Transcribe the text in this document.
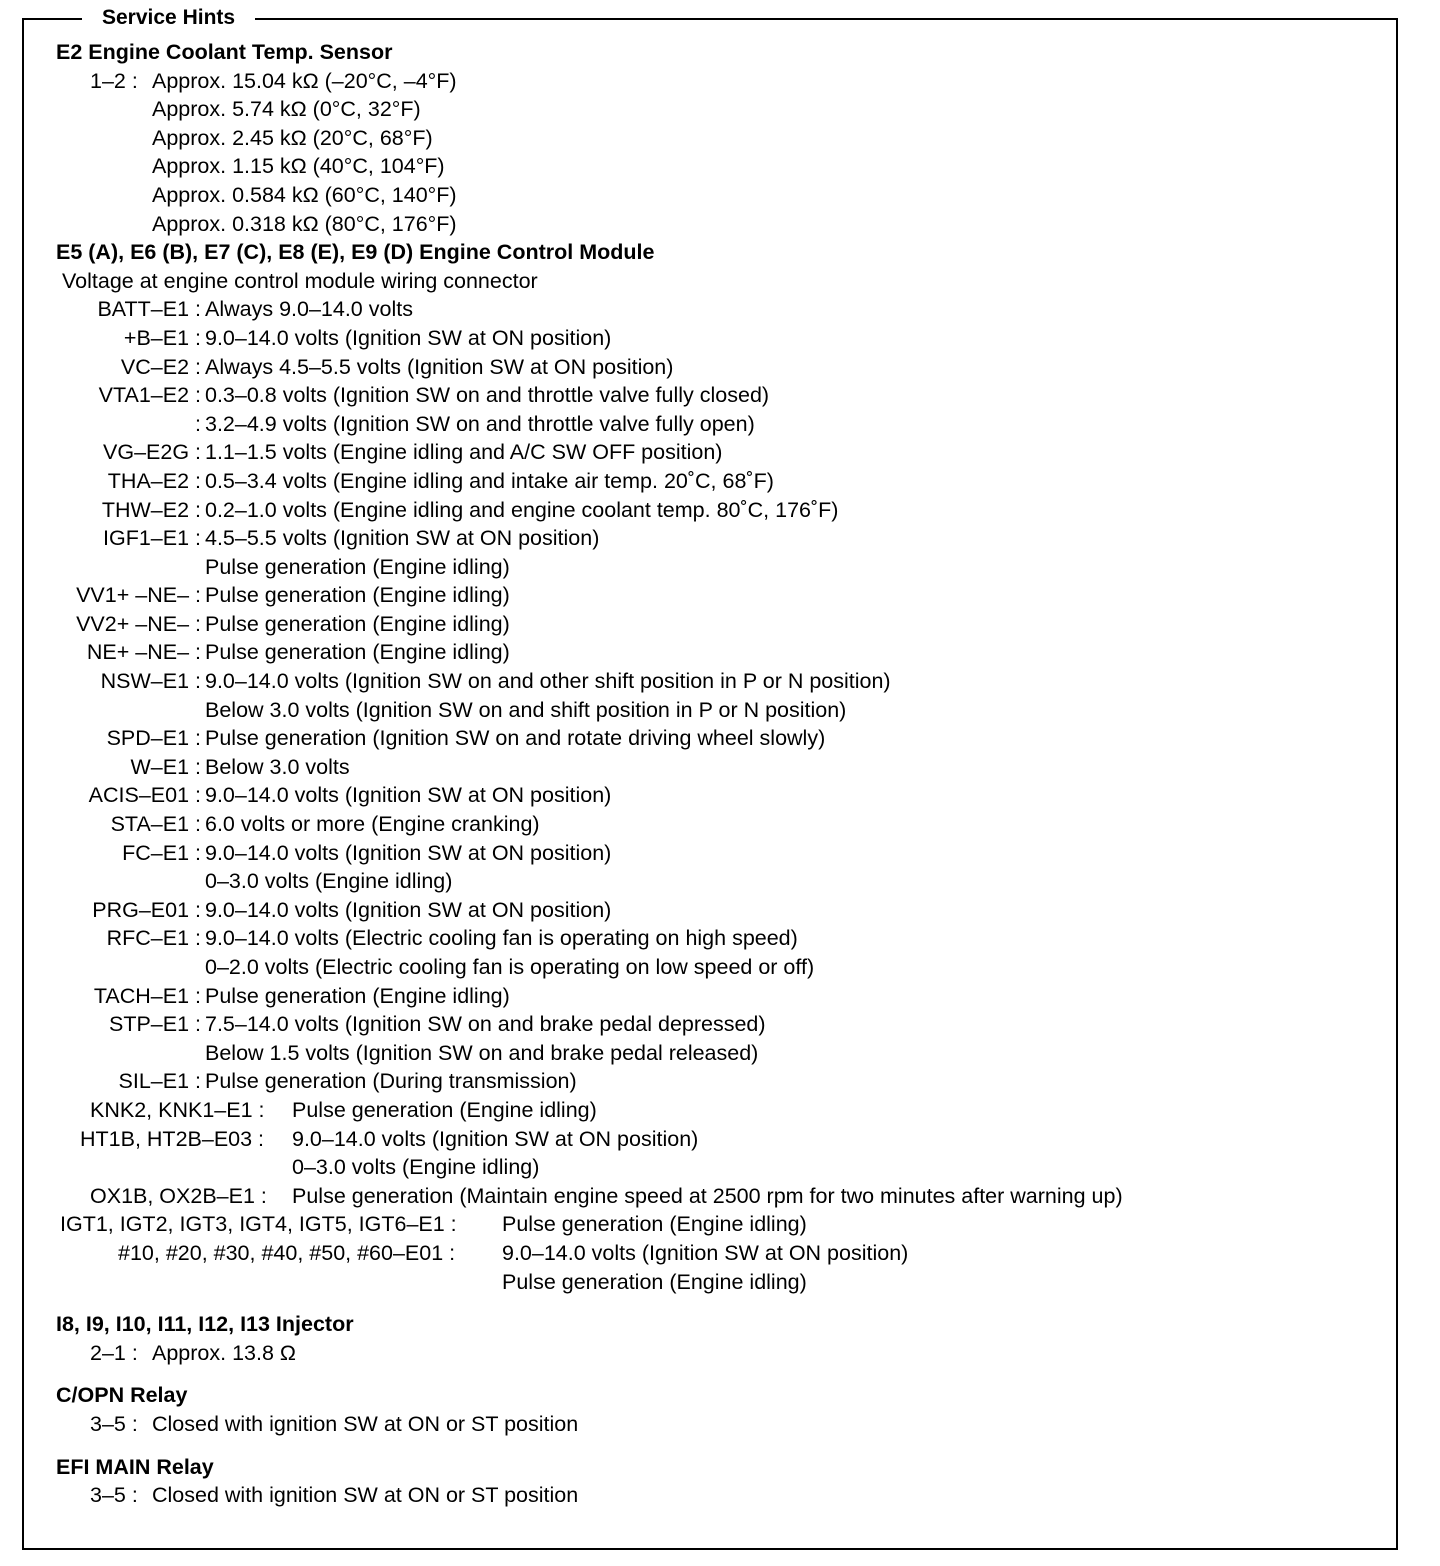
Service Hints
E2 Engine Coolant Temp. Sensor
1–2 : Approx. 15.04 kΩ (–20°C, –4°F)
Approx. 5.74 kΩ (0°C, 32°F)
Approx. 2.45 kΩ (20°C, 68°F)
Approx. 1.15 kΩ (40°C, 104°F)
Approx. 0.584 kΩ (60°C, 140°F)
Approx. 0.318 kΩ (80°C, 176°F)
E5 (A), E6 (B), E7 (C), E8 (E), E9 (D) Engine Control Module
Voltage at engine control module wiring connector
BATT–E1 : Always 9.0–14.0 volts
+B–E1 : 9.0–14.0 volts (Ignition SW at ON position)
VC–E2 : Always 4.5–5.5 volts (Ignition SW at ON position)
VTA1–E2 : 0.3–0.8 volts (Ignition SW on and throttle valve fully closed)
: 3.2–4.9 volts (Ignition SW on and throttle valve fully open)
VG–E2G : 1.1–1.5 volts (Engine idling and A/C SW OFF position)
THA–E2 : 0.5–3.4 volts (Engine idling and intake air temp. 20˚C, 68˚F)
THW–E2 : 0.2–1.0 volts (Engine idling and engine coolant temp. 80˚C, 176˚F)
IGF1–E1 : 4.5–5.5 volts (Ignition SW at ON position)
Pulse generation (Engine idling)
VV1+ –NE– : Pulse generation (Engine idling)
VV2+ –NE– : Pulse generation (Engine idling)
NE+ –NE– : Pulse generation (Engine idling)
NSW–E1 : 9.0–14.0 volts (Ignition SW on and other shift position in P or N position)
Below 3.0 volts (Ignition SW on and shift position in P or N position)
SPD–E1 : Pulse generation (Ignition SW on and rotate driving wheel slowly)
W–E1 : Below 3.0 volts
ACIS–E01 : 9.0–14.0 volts (Ignition SW at ON position)
STA–E1 : 6.0 volts or more (Engine cranking)
FC–E1 : 9.0–14.0 volts (Ignition SW at ON position)
0–3.0 volts (Engine idling)
PRG–E01 : 9.0–14.0 volts (Ignition SW at ON position)
RFC–E1 : 9.0–14.0 volts (Electric cooling fan is operating on high speed)
0–2.0 volts (Electric cooling fan is operating on low speed or off)
TACH–E1 : Pulse generation (Engine idling)
STP–E1 : 7.5–14.0 volts (Ignition SW on and brake pedal depressed)
Below 1.5 volts (Ignition SW on and brake pedal released)
SIL–E1 : Pulse generation (During transmission)
KNK2, KNK1–E1 : Pulse generation (Engine idling)
HT1B, HT2B–E03 : 9.0–14.0 volts (Ignition SW at ON position)
0–3.0 volts (Engine idling)
OX1B, OX2B–E1 : Pulse generation (Maintain engine speed at 2500 rpm for two minutes after warning up)
IGT1, IGT2, IGT3, IGT4, IGT5, IGT6–E1 : Pulse generation (Engine idling)
#10, #20, #30, #40, #50, #60–E01 : 9.0–14.0 volts (Ignition SW at ON position)
Pulse generation (Engine idling)
I8, I9, I10, I11, I12, I13 Injector
2–1 : Approx. 13.8 Ω
C/OPN Relay
3–5 : Closed with ignition SW at ON or ST position
EFI MAIN Relay
3–5 : Closed with ignition SW at ON or ST position
